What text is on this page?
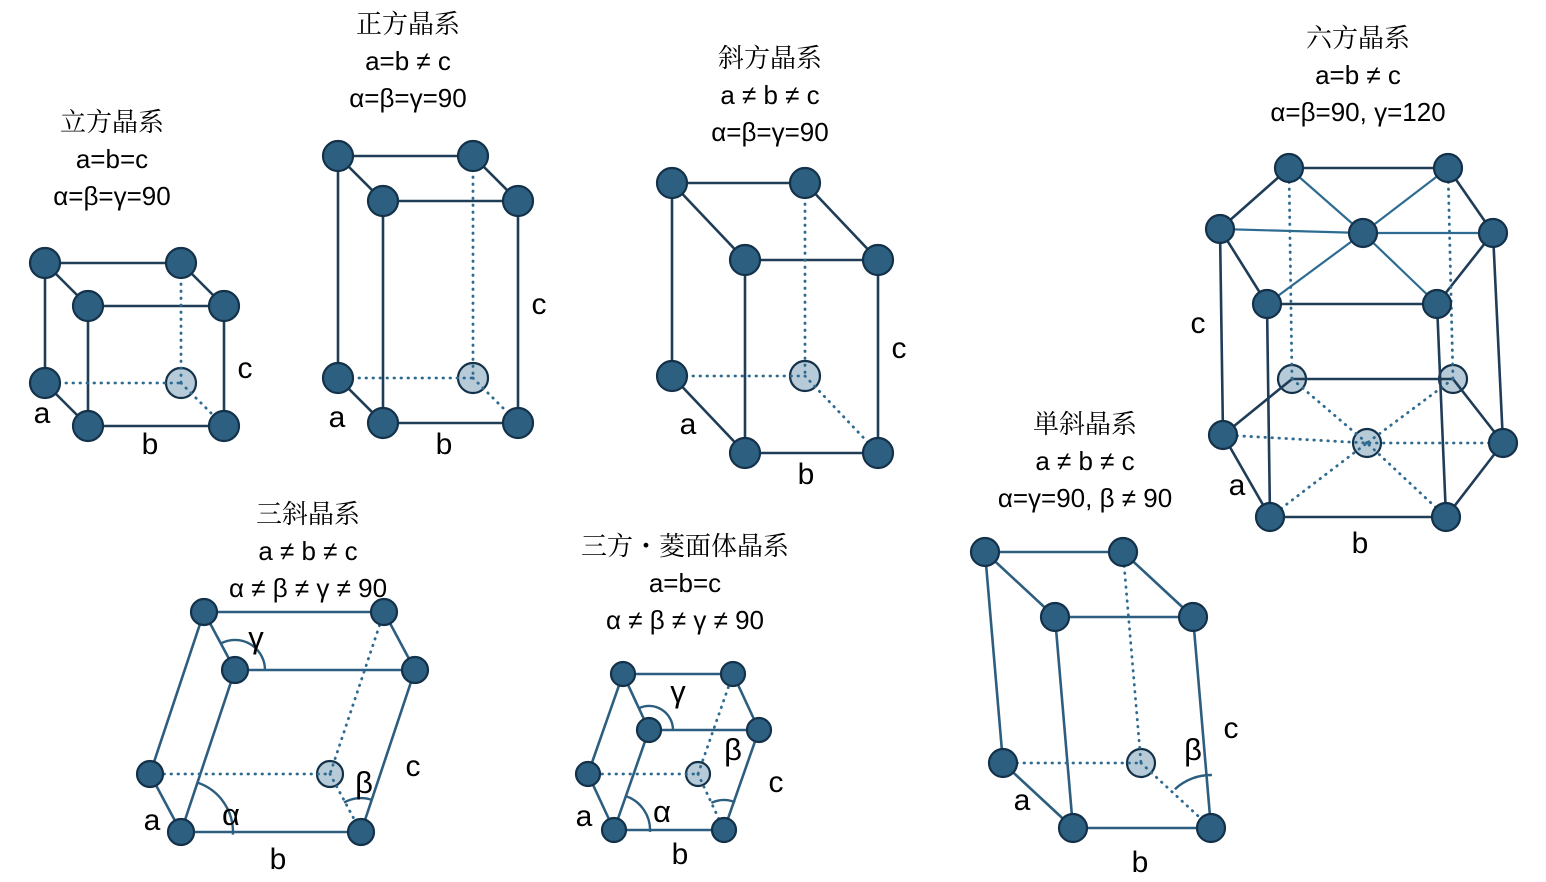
a
b
c
a
b
c
a
b
c
c
a
b
a
b
c
γ
α
β
a
b
c
γ
α
β
a
b
c
β
立方晶系
a=b=c
α=β=γ=90
正方晶系
a=b ≠ c
α=β=γ=90
斜方晶系
a ≠ b ≠ c
α=β=γ=90
六方晶系
a=b ≠ c
α=β=90, γ=120
三斜晶系
a ≠ b ≠ c
α ≠ β ≠ γ ≠ 90
三方・菱面体晶系
a=b=c
α ≠ β ≠ γ ≠ 90
単斜晶系
a ≠ b ≠ c
α=γ=90, β ≠ 90
